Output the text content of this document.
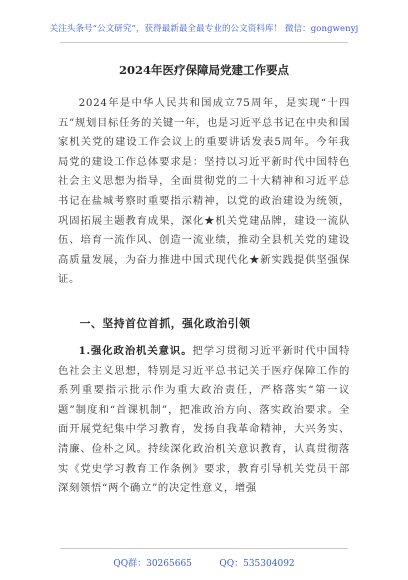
关注头条号“公文研究”，获得最新最全最专业的公文资料库！ 微信：gongwenyj
2024年医疗保障局党建工作要点
2024年是中华人民共和国成立75周年，是实现“十四五”规划目标任务的关键一年，也是习近平总书记在中央和国家机关党的建设工作会议上的重要讲话发表5周年。今年我局党的建设工作总体要求是：坚持以习近平新时代中国特色社会主义思想为指导，全面贯彻党的二十大精神和习近平总书记在盐城考察时重要指示精神，以党的政治建设为统领，巩固拓展主题教育成果，深化★机关党建品牌，建设一流队伍、培育一流作风、创造一流业绩，推动全县机关党的建设高质量发展，为奋力推进中国式现代化★新实践提供坚强保证。
一、坚持首位首抓，强化政治引领
1.强化政治机关意识。把学习贯彻习近平新时代中国特色社会主义思想，特别是习近平总书记关于医疗保障工作的系列重要指示批示作为重大政治责任，严格落实“第一议题”制度和“首课机制”，把准政治方向、落实政治要求。全面开展党纪集中学习教育，发扬自我革命精神，大兴务实、清廉、俭朴之风。持续深化政治机关意识教育，认真贯彻落实《党史学习教育工作条例》要求，教育引导机关党员干部深刻领悟“两个确立”的决定性意义，增强
QQ群：30265665    QQ：535304092
